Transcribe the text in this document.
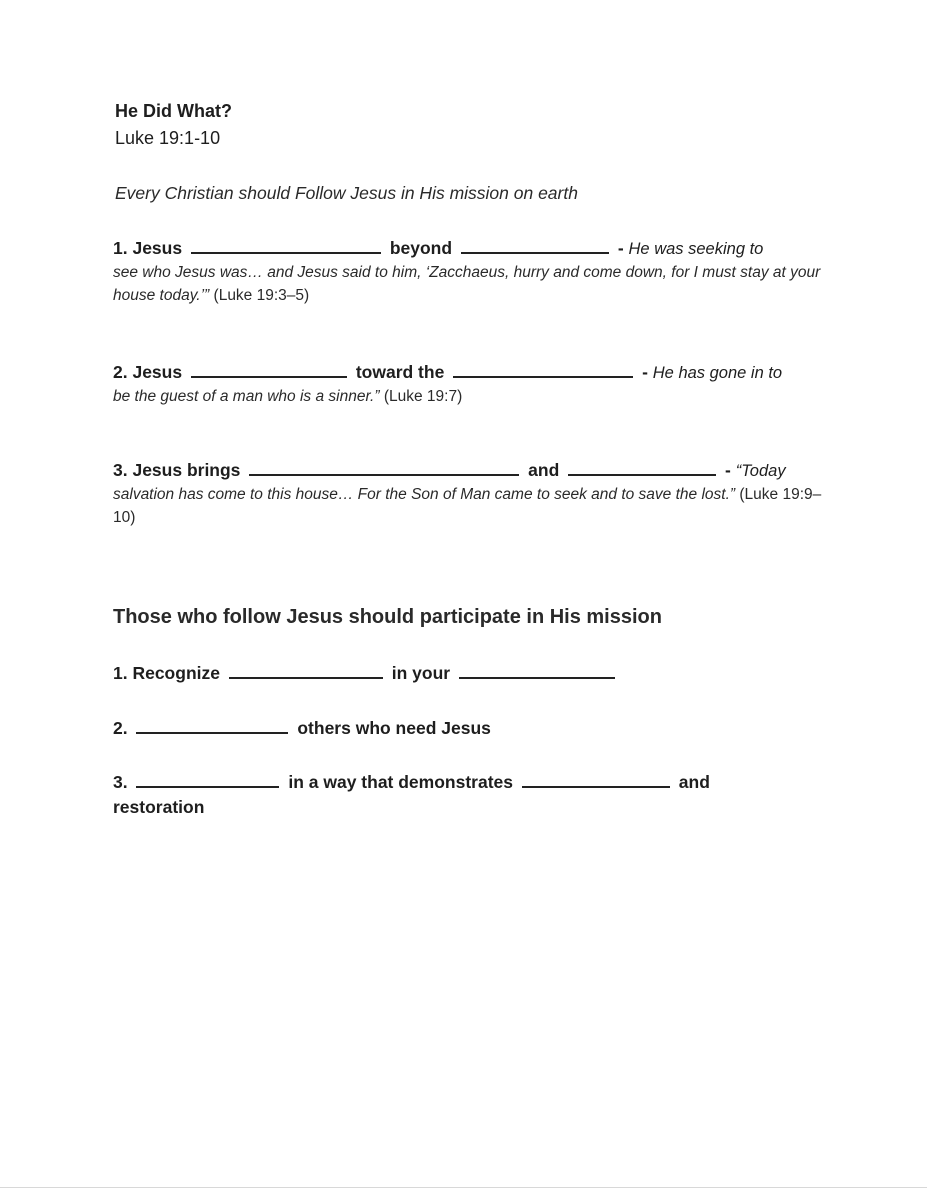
He Did What?
Luke 19:1-10
Every Christian should Follow Jesus in His mission on earth
1. Jesus	beyond	- He was seeking to
see who Jesus was… and Jesus said to him, ‘Zacchaeus, hurry and come down, for I must stay at your house today.’” (Luke 19:3–5)
2. Jesus	toward the	- He has gone in to
be the guest of a man who is a sinner.” (Luke 19:7)
3. Jesus brings	and	- “Today
salvation has come to this house… For the Son of Man came to seek and to save the lost.” (Luke 19:9–10)
Those who follow Jesus should participate in His mission
1. Recognize	in your
2.	others who need Jesus
3.	in a way that demonstrates	and
restoration
